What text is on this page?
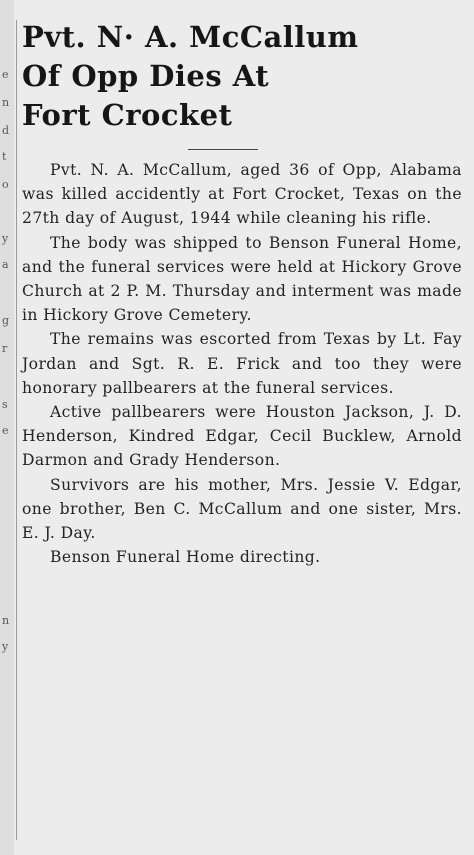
e
n
d
t
o
y
a
g
r
s
e
n
y
Pvt. N· A. McCallum
Of Opp Dies At
Fort Crocket

Pvt. N. A. McCallum, aged 36 of Opp, Alabama was killed accidently at Fort Crocket, Texas on the 27th day of August, 1944 while cleaning his rifle.

The body was shipped to Benson Funeral Home, and the funeral services were held at Hickory Grove Church at 2 P. M. Thursday and interment was made in Hickory Grove Cemetery.

The remains was escorted from Texas by Lt. Fay Jordan and Sgt. R. E. Frick and too they were honorary pallbearers at the funeral services.

Active pallbearers were Houston Jackson, J. D. Henderson, Kindred Edgar, Cecil Bucklew, Arnold Darmon and Grady Henderson.

Survivors are his mother, Mrs. Jessie V. Edgar, one brother, Ben C. McCallum and one sister, Mrs. E. J. Day.

Benson Funeral Home directing.
